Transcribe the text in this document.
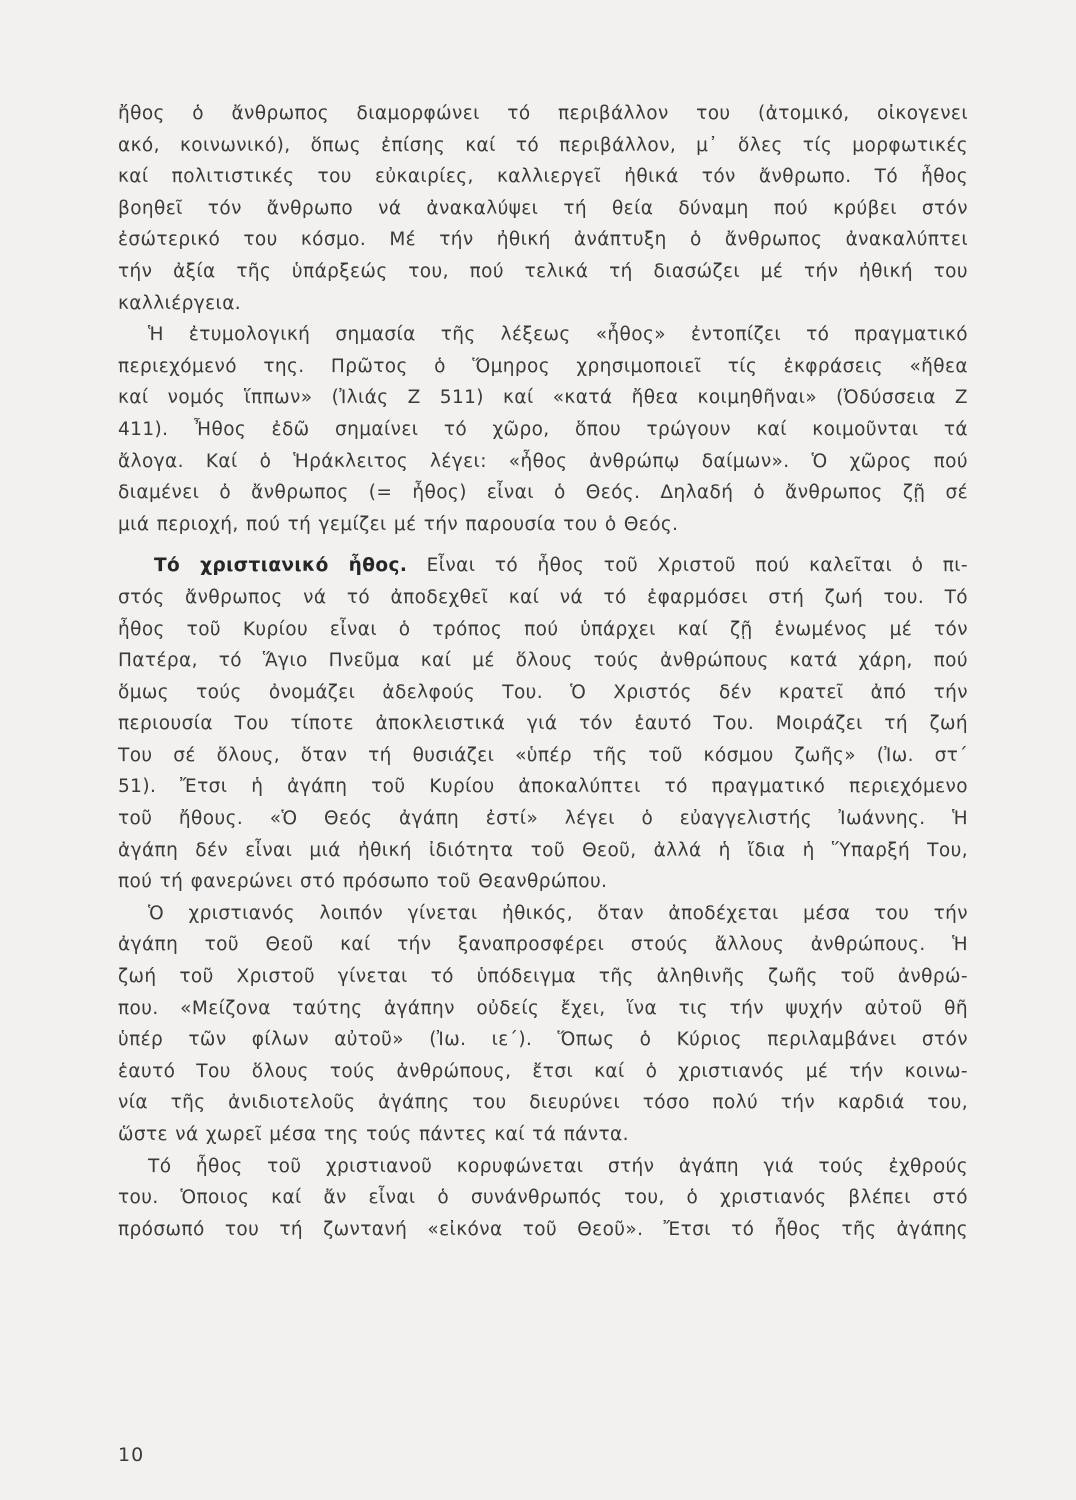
ἤθος ὁ ἄνθρωπος διαμορφώνει τό περιβάλλον του (ἀτομικό, οἰκογενει
ακό, κοινωνικό), ὅπως ἐπίσης καί τό περιβάλλον, μ᾿ ὅλες τίς μορφωτικές
καί πολιτιστικές του εὐκαιρίες, καλλιεργεῖ ἠθικά τόν ἄνθρωπο. Τό ἦθος
βοηθεῖ τόν ἄνθρωπο νά ἀνακαλύψει τή θεία δύναμη πού κρύβει στόν
ἐσώτερικό του κόσμο. Μέ τήν ἠθική ἀνάπτυξη ὁ ἄνθρωπος ἀνακαλύπτει
τήν ἀξία τῆς ὑπάρξεώς του, πού τελικά τή διασώζει μέ τήν ἠθική του
καλλιέργεια.
Ἡ ἐτυμολογική σημασία τῆς λέξεως «ἦθος» ἐντοπίζει τό πραγματικό
περιεχόμενό της. Πρῶτος ὁ Ὅμηρος χρησιμοποιεῖ τίς ἐκφράσεις «ἤθεα
καί νομός ἵππων» (Ἰλιάς Ζ 511) καί «κατά ἤθεα κοιμηθῆναι» (Ὀδύσσεια Ζ
411). Ἦθος ἐδῶ σημαίνει τό χῶρο, ὅπου τρώγουν καί κοιμοῦνται τά
ἄλογα. Καί ὁ Ἡράκλειτος λέγει: «ἦθος ἀνθρώπῳ δαίμων». Ὁ χῶρος πού
διαμένει ὁ ἄνθρωπος (= ἦθος) εἶναι ὁ Θεός. Δηλαδή ὁ ἄνθρωπος ζῇ σέ
μιά περιοχή, πού τή γεμίζει μέ τήν παρουσία του ὁ Θεός.
Τό χριστιανικό ἦθος. Εἶναι τό ἦθος τοῦ Χριστοῦ πού καλεῖται ὁ πι-
στός ἄνθρωπος νά τό ἀποδεχθεῖ καί νά τό ἐφαρμόσει στή ζωή του. Τό
ἦθος τοῦ Κυρίου εἶναι ὁ τρόπος πού ὑπάρχει καί ζῇ ἑνωμένος μέ τόν
Πατέρα, τό Ἅγιο Πνεῦμα καί μέ ὅλους τούς ἀνθρώπους κατά χάρη, πού
ὅμως τούς ὀνομάζει ἀδελφούς Του. Ὁ Χριστός δέν κρατεῖ ἀπό τήν
περιουσία Του τίποτε ἀποκλειστικά γιά τόν ἑαυτό Του. Μοιράζει τή ζωή
Του σέ ὅλους, ὅταν τή θυσιάζει «ὑπέρ τῆς τοῦ κόσμου ζωῆς» (Ἰω. στ´
51). Ἔτσι ἡ ἀγάπη τοῦ Κυρίου ἀποκαλύπτει τό πραγματικό περιεχόμενο
τοῦ ἤθους. «Ὁ Θεός ἀγάπη ἐστί» λέγει ὁ εὐαγγελιστής Ἰωάννης. Ἡ
ἀγάπη δέν εἶναι μιά ἠθική ἰδιότητα τοῦ Θεοῦ, ἀλλά ἡ ἴδια ἡ Ὕπαρξή Του,
πού τή φανερώνει στό πρόσωπο τοῦ Θεανθρώπου.
Ὁ χριστιανός λοιπόν γίνεται ἠθικός, ὅταν ἀποδέχεται μέσα του τήν
ἀγάπη τοῦ Θεοῦ καί τήν ξαναπροσφέρει στούς ἄλλους ἀνθρώπους. Ἡ
ζωή τοῦ Χριστοῦ γίνεται τό ὑπόδειγμα τῆς ἀληθινῆς ζωῆς τοῦ ἀνθρώ-
που. «Μείζονα ταύτης ἀγάπην οὐδείς ἔχει, ἵνα τις τήν ψυχήν αὐτοῦ θῆ
ὑπέρ τῶν φίλων αὐτοῦ» (Ἰω. ιε´). Ὅπως ὁ Κύριος περιλαμβάνει στόν
ἑαυτό Του ὅλους τούς ἀνθρώπους, ἔτσι καί ὁ χριστιανός μέ τήν κοινω-
νία τῆς ἀνιδιοτελοῦς ἀγάπης του διευρύνει τόσο πολύ τήν καρδιά του,
ὥστε νά χωρεῖ μέσα της τούς πάντες καί τά πάντα.
Τό ἦθος τοῦ χριστιανοῦ κορυφώνεται στήν ἀγάπη γιά τούς ἐχθρούς
του. Ὁποιος καί ἄν εἶναι ὁ συνάνθρωπός του, ὁ χριστιανός βλέπει στό
πρόσωπό του τή ζωντανή «εἰκόνα τοῦ Θεοῦ». Ἔτσι τό ἦθος τῆς ἀγάπης
10
